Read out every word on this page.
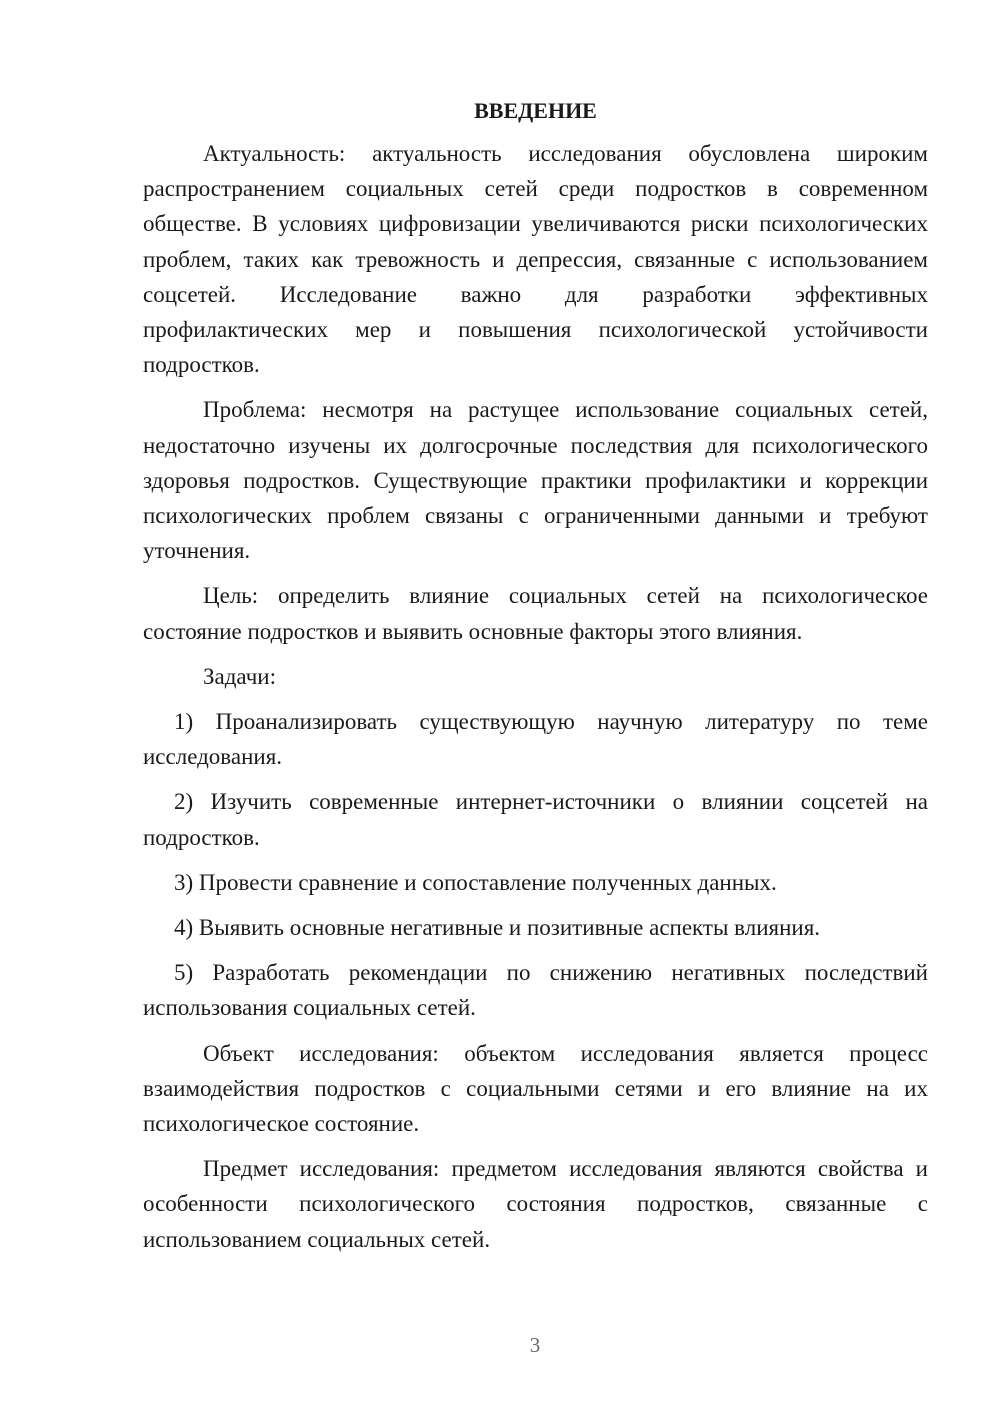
ВВЕДЕНИЕ

Актуальность: актуальность исследования обусловлена широким распространением социальных сетей среди подростков в современном обществе. В условиях цифровизации увеличиваются риски психологических проблем, таких как тревожность и депрессия, связанные с использованием соцсетей. Исследование важно для разработки эффективных профилактических мер и повышения психологической устойчивости подростков.

Проблема: несмотря на растущее использование социальных сетей, недостаточно изучены их долгосрочные последствия для психологического здоровья подростков. Существующие практики профилактики и коррекции психологических проблем связаны с ограниченными данными и требуют уточнения.

Цель: определить влияние социальных сетей на психологическое состояние подростков и выявить основные факторы этого влияния.

Задачи:

1) Проанализировать существующую научную литературу по теме исследования.

2) Изучить современные интернет-источники о влиянии соцсетей на подростков.

3) Провести сравнение и сопоставление полученных данных.

4) Выявить основные негативные и позитивные аспекты влияния.

5) Разработать рекомендации по снижению негативных последствий использования социальных сетей.

Объект исследования: объектом исследования является процесс взаимодействия подростков с социальными сетями и его влияние на их психологическое состояние.

Предмет исследования: предметом исследования являются свойства и особенности психологического состояния подростков, связанные с использованием социальных сетей.

3
